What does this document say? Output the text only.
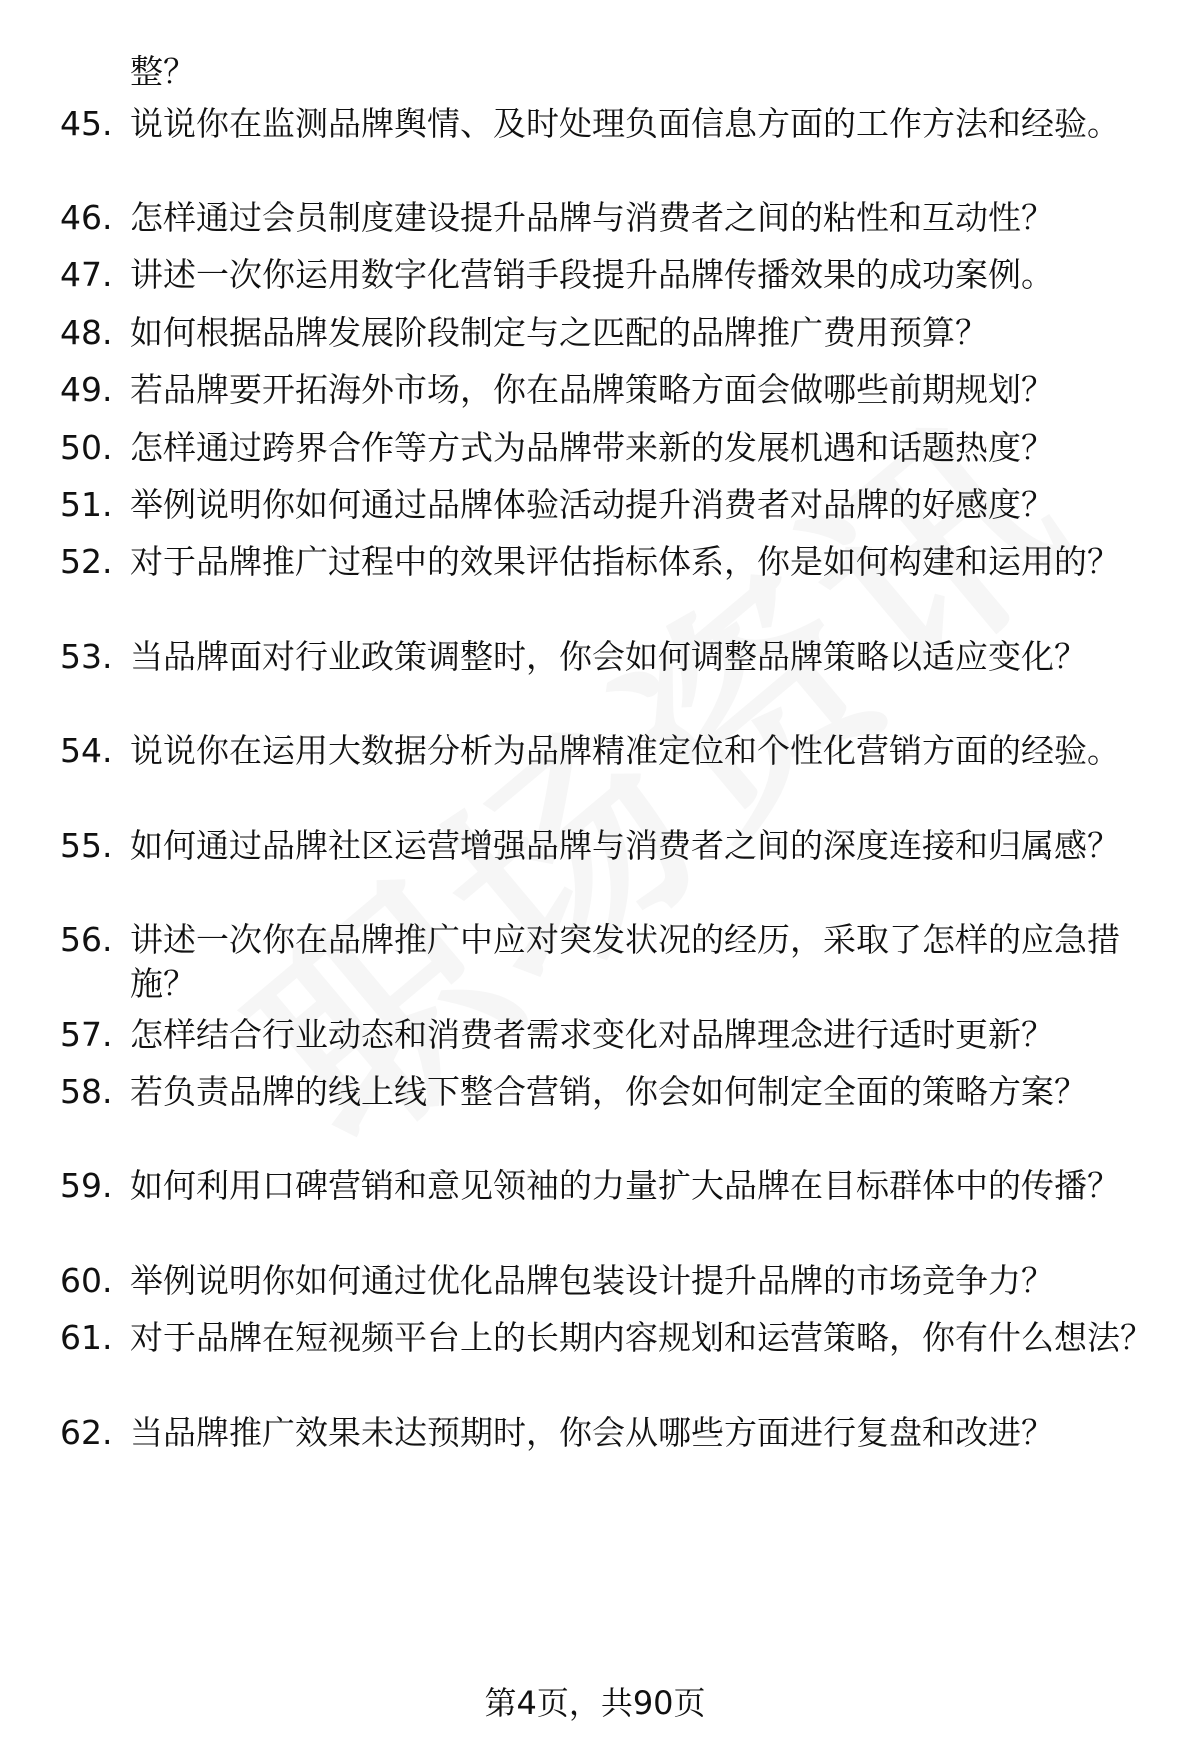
整？
45. 说说你在监测品牌舆情、及时处理负面信息方面的工作方法和经验。
46. 怎样通过会员制度建设提升品牌与消费者之间的粘性和互动性？
47. 讲述一次你运用数字化营销手段提升品牌传播效果的成功案例。
48. 如何根据品牌发展阶段制定与之匹配的品牌推广费用预算？
49. 若品牌要开拓海外市场，你在品牌策略方面会做哪些前期规划？
50. 怎样通过跨界合作等方式为品牌带来新的发展机遇和话题热度？
51. 举例说明你如何通过品牌体验活动提升消费者对品牌的好感度？
52. 对于品牌推广过程中的效果评估指标体系，你是如何构建和运用的？
53. 当品牌面对行业政策调整时，你会如何调整品牌策略以适应变化？
54. 说说你在运用大数据分析为品牌精准定位和个性化营销方面的经验。
55. 如何通过品牌社区运营增强品牌与消费者之间的深度连接和归属感？
56. 讲述一次你在品牌推广中应对突发状况的经历，采取了怎样的应急措施？
57. 怎样结合行业动态和消费者需求变化对品牌理念进行适时更新？
58. 若负责品牌的线上线下整合营销，你会如何制定全面的策略方案？
59. 如何利用口碑营销和意见领袖的力量扩大品牌在目标群体中的传播？
60. 举例说明你如何通过优化品牌包装设计提升品牌的市场竞争力？
61. 对于品牌在短视频平台上的长期内容规划和运营策略，你有什么想法？
62. 当品牌推广效果未达预期时，你会从哪些方面进行复盘和改进？
第4页，共90页
